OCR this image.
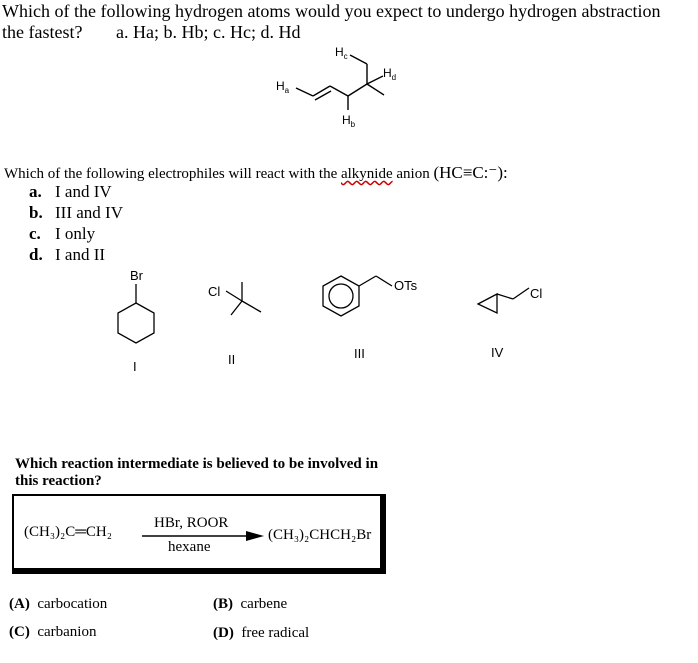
Which of the following hydrogen atoms would you expect to undergo hydrogen abstraction
the fastest? a. Ha; b. Hb; c. Hc; d. Hd
$H_a$
$H_b$
$H_c$
$H_d$
Which of the following electrophiles will react with the alkynide anion (HC≡C:⁻):
a. I and IV
b. III and IV
c. I only
d. I and II
Br
I
Cl
II
OTs
III
Cl
IV
Which reaction intermediate is believed to be involved in
this reaction?
(CH₃)₂C═CH₂
HBr, ROOR
hexane
(CH₃)₂CHCH₂Br
(A) carbocation	(B) carbene
(C) carbanion	(D) free radical
